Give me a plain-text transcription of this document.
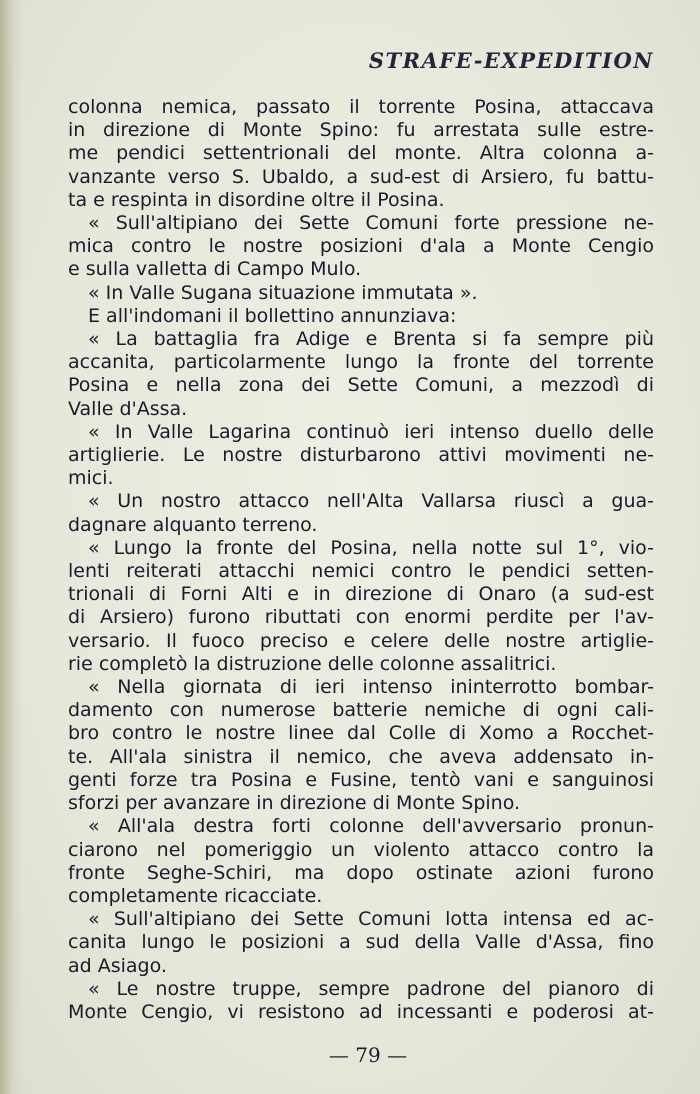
STRAFE-EXPEDITION
colonna nemica, passato il torrente Posina, attaccava
in direzione di Monte Spino: fu arrestata sulle estre-
me pendici settentrionali del monte. Altra colonna a-
vanzante verso S. Ubaldo, a sud-est di Arsiero, fu battu-
ta e respinta in disordine oltre il Posina.
« Sull'altipiano dei Sette Comuni forte pressione ne-
mica contro le nostre posizioni d'ala a Monte Cengio
e sulla valletta di Campo Mulo.
« In Valle Sugana situazione immutata ».
E all'indomani il bollettino annunziava:
« La battaglia fra Adige e Brenta si fa sempre più
accanita, particolarmente lungo la fronte del torrente
Posina e nella zona dei Sette Comuni, a mezzodì di
Valle d'Assa.
« In Valle Lagarina continuò ieri intenso duello delle
artiglierie. Le nostre disturbarono attivi movimenti ne-
mici.
« Un nostro attacco nell'Alta Vallarsa riuscì a gua-
dagnare alquanto terreno.
« Lungo la fronte del Posina, nella notte sul 1°, vio-
lenti reiterati attacchi nemici contro le pendici setten-
trionali di Forni Alti e in direzione di Onaro (a sud-est
di Arsiero) furono ributtati con enormi perdite per l'av-
versario. Il fuoco preciso e celere delle nostre artiglie-
rie completò la distruzione delle colonne assalitrici.
« Nella giornata di ieri intenso ininterrotto bombar-
damento con numerose batterie nemiche di ogni cali-
bro contro le nostre linee dal Colle di Xomo a Rocchet-
te. All'ala sinistra il nemico, che aveva addensato in-
genti forze tra Posina e Fusine, tentò vani e sanguinosi
sforzi per avanzare in direzione di Monte Spino.
« All'ala destra forti colonne dell'avversario pronun-
ciarono nel pomeriggio un violento attacco contro la
fronte Seghe-Schiri, ma dopo ostinate azioni furono
completamente ricacciate.
« Sull'altipiano dei Sette Comuni lotta intensa ed ac-
canita lungo le posizioni a sud della Valle d'Assa, fino
ad Asiago.
« Le nostre truppe, sempre padrone del pianoro di
Monte Cengio, vi resistono ad incessanti e poderosi at-
— 79 —
